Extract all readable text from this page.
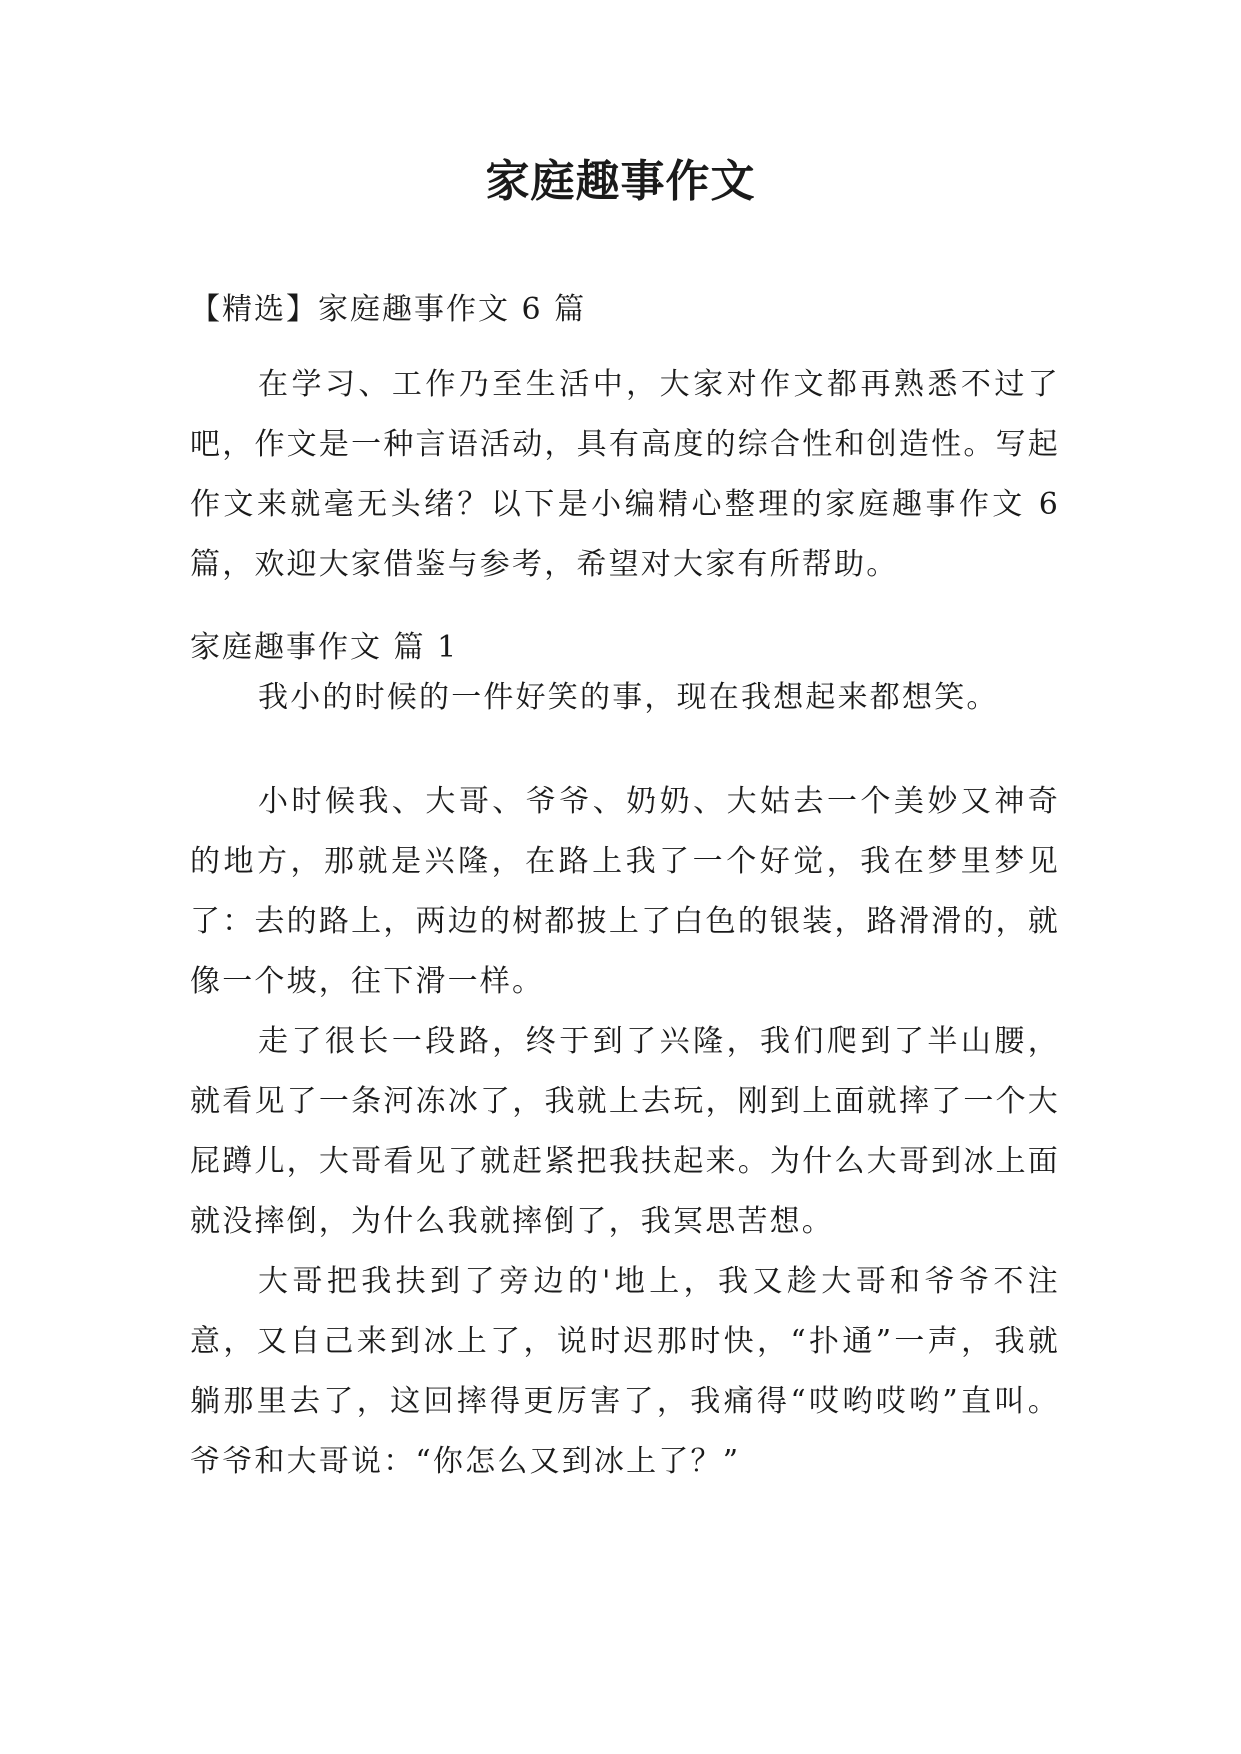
家庭趣事作文
【精选】家庭趣事作文 6 篇

在学习、工作乃至生活中，大家对作文都再熟悉不过了吧，作文是一种言语活动，具有高度的综合性和创造性。写起作文来就毫无头绪？以下是小编精心整理的家庭趣事作文 6 篇，欢迎大家借鉴与参考，希望对大家有所帮助。

家庭趣事作文 篇 1

我小的时候的一件好笑的事，现在我想起来都想笑。

小时候我、大哥、爷爷、奶奶、大姑去一个美妙又神奇的地方，那就是兴隆，在路上我了一个好觉，我在梦里梦见了：去的路上，两边的树都披上了白色的银装，路滑滑的，就像一个坡，往下滑一样。

走了很长一段路，终于到了兴隆，我们爬到了半山腰，就看见了一条河冻冰了，我就上去玩，刚到上面就摔了一个大屁蹲儿，大哥看见了就赶紧把我扶起来。为什么大哥到冰上面就没摔倒，为什么我就摔倒了，我冥思苦想。

大哥把我扶到了旁边的'地上，我又趁大哥和爷爷不注意，又自己来到冰上了，说时迟那时快，“扑通”一声，我就躺那里去了，这回摔得更厉害了，我痛得“哎哟哎哟”直叫。爷爷和大哥说：“你怎么又到冰上了？”
